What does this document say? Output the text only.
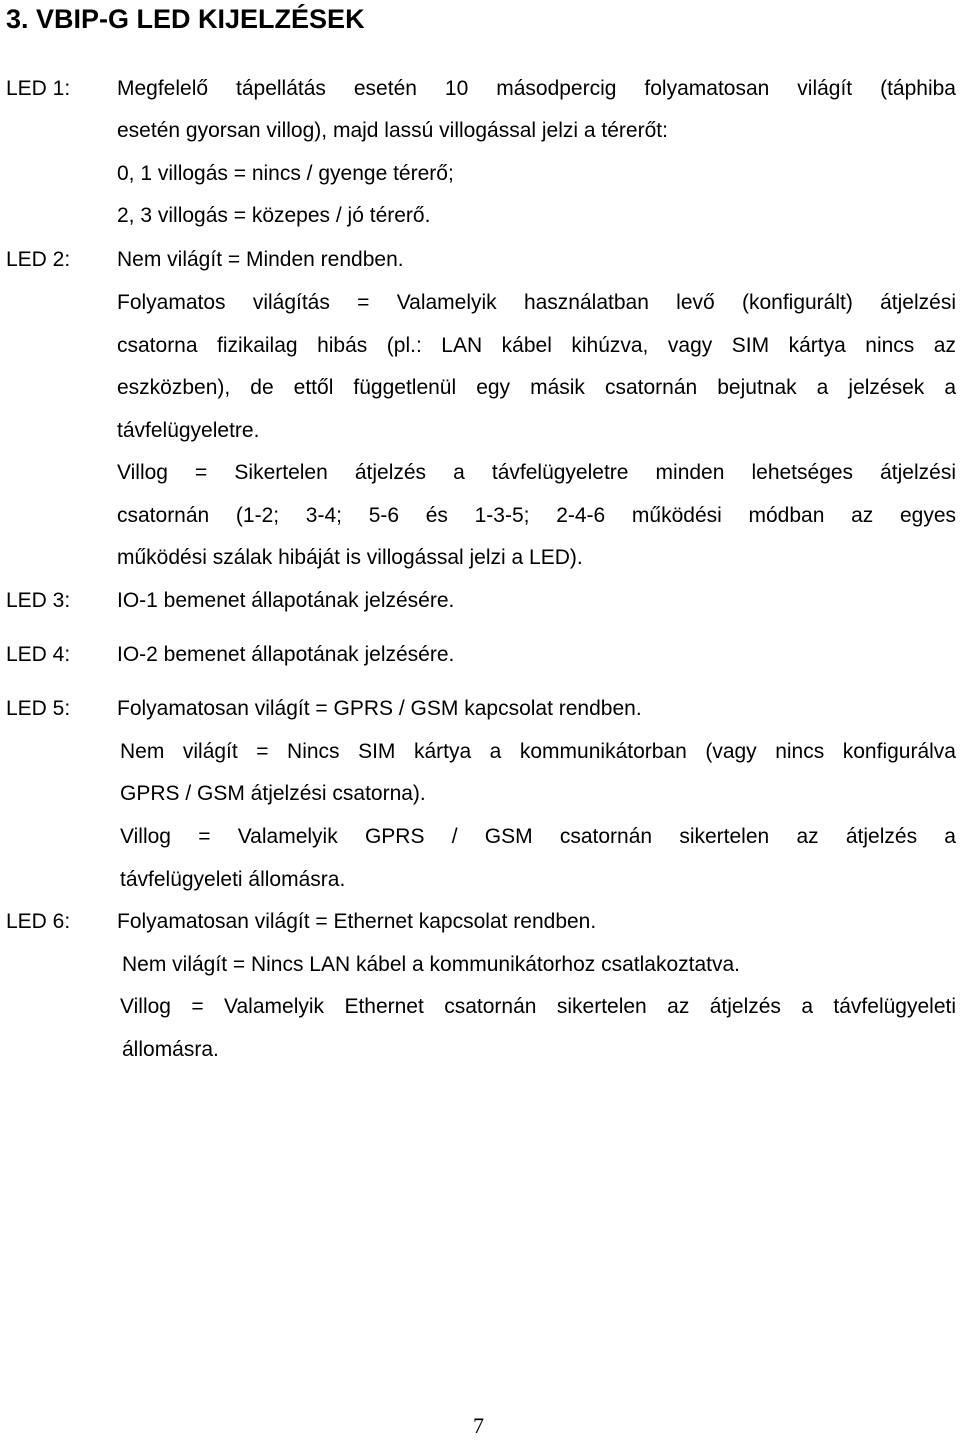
3. VBIP-G LED KIJELZÉSEK
LED 1: Megfelelő tápellátás esetén 10 másodpercig folyamatosan világít (táphiba
esetén gyorsan villog), majd lassú villogással jelzi a térerőt:
0, 1 villogás = nincs / gyenge térerő;
2, 3 villogás = közepes / jó térerő.
LED 2: Nem világít = Minden rendben.
Folyamatos világítás = Valamelyik használatban levő (konfigurált) átjelzési
csatorna fizikailag hibás (pl.: LAN kábel kihúzva, vagy SIM kártya nincs az
eszközben), de ettől függetlenül egy másik csatornán bejutnak a jelzések a
távfelügyeletre.
Villog = Sikertelen átjelzés a távfelügyeletre minden lehetséges átjelzési
csatornán (1-2; 3-4; 5-6 és 1-3-5; 2-4-6 működési módban az egyes
működési szálak hibáját is villogással jelzi a LED).
LED 3: IO-1 bemenet állapotának jelzésére.
LED 4: IO-2 bemenet állapotának jelzésére.
LED 5: Folyamatosan világít = GPRS / GSM kapcsolat rendben.
Nem világít = Nincs SIM kártya a kommunikátorban (vagy nincs konfigurálva
GPRS / GSM átjelzési csatorna).
Villog = Valamelyik GPRS / GSM csatornán sikertelen az átjelzés a
távfelügyeleti állomásra.
LED 6: Folyamatosan világít = Ethernet kapcsolat rendben.
Nem világít = Nincs LAN kábel a kommunikátorhoz csatlakoztatva.
Villog = Valamelyik Ethernet csatornán sikertelen az átjelzés a távfelügyeleti
állomásra.
7
